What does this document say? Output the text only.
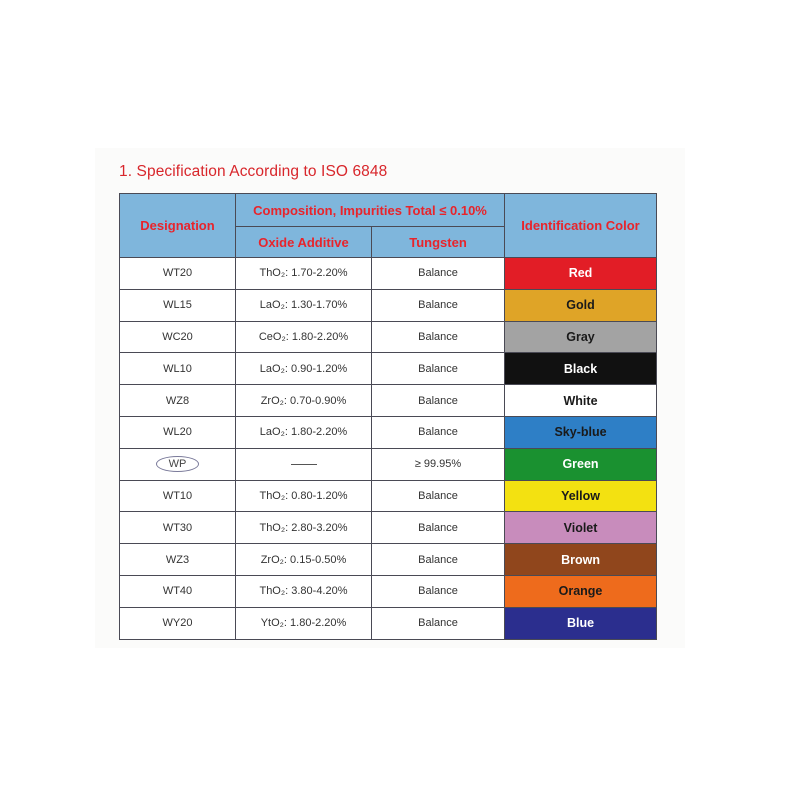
1. Specification According to ISO 6848
Designation	Composition, Impurities Total ≤ 0.10%		Identification Color
	Oxide Additive	Tungsten	
WT20	ThO₂: 1.70-2.20%	Balance	Red
WL15	LaO₂: 1.30-1.70%	Balance	Gold
WC20	CeO₂: 1.80-2.20%	Balance	Gray
WL10	LaO₂: 0.90-1.20%	Balance	Black
WZ8	ZrO₂: 0.70-0.90%	Balance	White
WL20	LaO₂: 1.80-2.20%	Balance	Sky-blue
WP		≥ 99.95%	Green
WT10	ThO₂: 0.80-1.20%	Balance	Yellow
WT30	ThO₂: 2.80-3.20%	Balance	Violet
WZ3	ZrO₂: 0.15-0.50%	Balance	Brown
WT40	ThO₂: 3.80-4.20%	Balance	Orange
WY20	YtO₂: 1.80-2.20%	Balance	Blue
